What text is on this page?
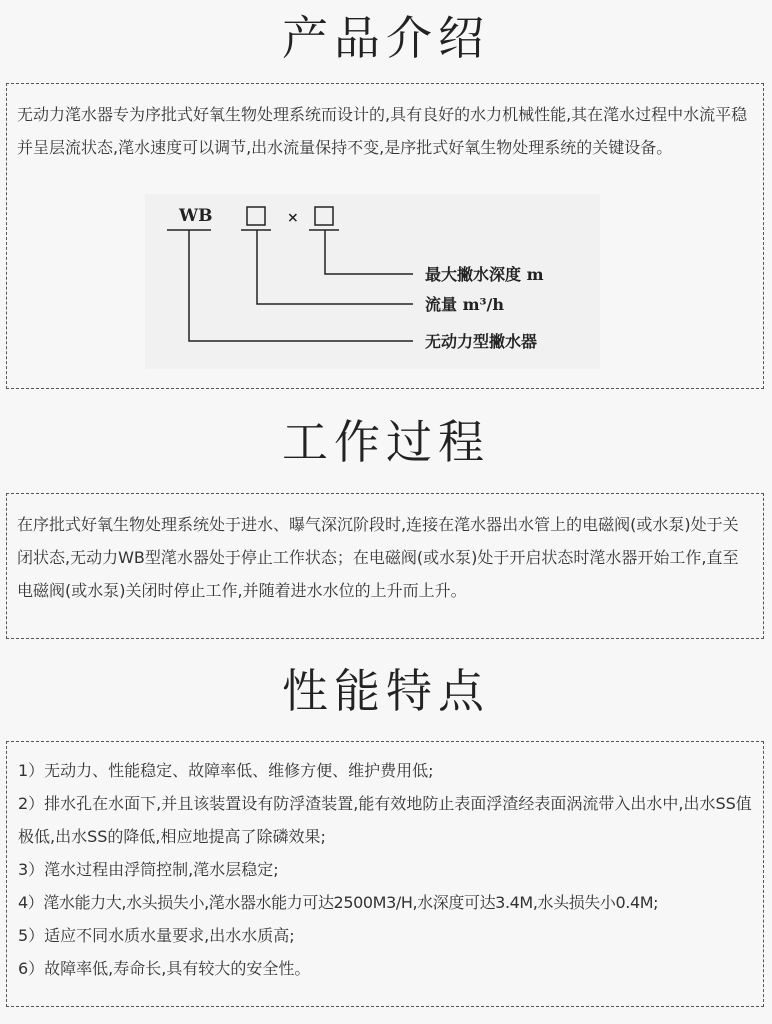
产品介绍

无动力滗水器专为序批式好氧生物处理系统而设计的,具有良好的水力机械性能,其在滗水过程中水流平稳并呈层流状态,滗水速度可以调节,出水流量保持不变,是序批式好氧生物处理系统的关键设备。

WB	×
最大撇水深度 m
流量 m³/h
无动力型撇水器
工作过程

在序批式好氧生物处理系统处于进水、曝气深沉阶段时,连接在滗水器出水管上的电磁阀(或水泵)处于关闭状态,无动力WB型滗水器处于停止工作状态；在电磁阀(或水泵)处于开启状态时滗水器开始工作,直至电磁阀(或水泵)关闭时停止工作,并随着进水水位的上升而上升。

性能特点

1）无动力、性能稳定、故障率低、维修方便、维护费用低;

2）排水孔在水面下,并且该装置设有防浮渣装置,能有效地防止表面浮渣经表面涡流带入出水中,出水SS值极低,出水SS的降低,相应地提高了除磷效果;

3）滗水过程由浮筒控制,滗水层稳定;

4）滗水能力大,水头损失小,滗水器水能力可达2500M3/H,水深度可达3.4M,水头损失小0.4M;

5）适应不同水质水量要求,出水水质高;

6）故障率低,寿命长,具有较大的安全性。
